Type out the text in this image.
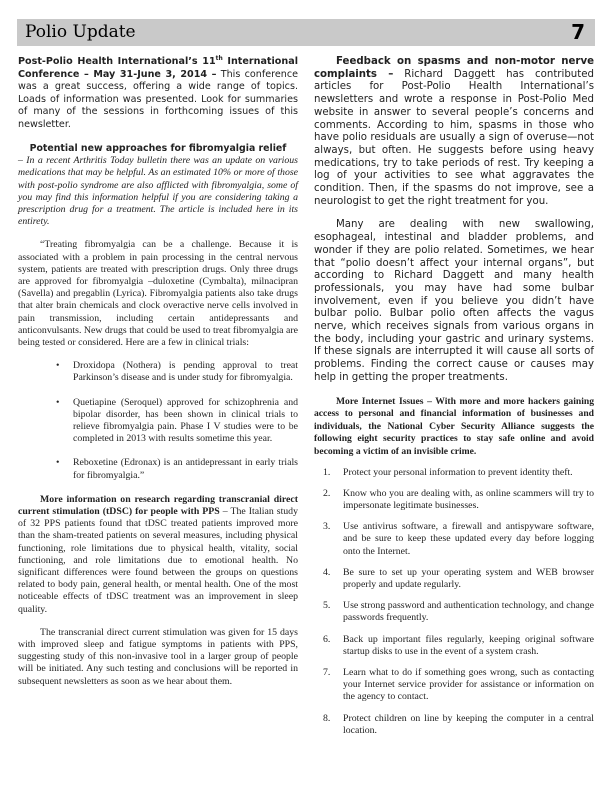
Polio Update	7

Post-Polio Health International’s 11th International Conference – May 31-June 3, 2014 – This conference was a great success, offering a wide range of topics. Loads of information was presented. Look for summaries of many of the sessions in forthcoming issues of this newsletter.

Potential new approaches for fibromyalgia relief

– In a recent Arthritis Today bulletin there was an update on various medications that may be helpful. As an estimated 10% or more of those with post-polio syndrome are also afflicted with fibromyalgia, some of you may find this information helpful if you are considering taking a prescription drug for a treatment. The article is included here in its entirety.

“Treating fibromyalgia can be a challenge. Because it is associated with a problem in pain processing in the central nervous system, patients are treated with prescription drugs. Only three drugs are approved for fibromyalgia –duloxetine (Cymbalta), milnacipran (Savella) and pregablin (Lyrica). Fibromyalgia patients also take drugs that alter brain chemicals and clock overactive nerve cells involved in pain transmission, including certain antidepressants and anticonvulsants. New drugs that could be used to treat fibromyalgia are being tested or considered. Here are a few in clinical trials:

• Droxidopa (Nothera) is pending approval to treat Parkinson’s disease and is under study for fibromyalgia.
• Quetiapine (Seroquel) approved for schizophrenia and bipolar disorder, has been shown in clinical trials to relieve fibromyalgia pain. Phase I V studies were to be completed in 2013 with results sometime this year.
• Reboxetine (Edronax) is an antidepressant in early trials for fibromyalgia.”

More information on research regarding transcranial direct current stimulation (tDSC) for people with PPS – The Italian study of 32 PPS patients found that tDSC treated patients improved more than the sham-treated patients on several measures, including physical functioning, role limitations due to physical health, vitality, social functioning, and role limitations due to emotional health. No significant differences were found between the groups on questions related to body pain, general health, or mental health. One of the most noticeable effects of tDSC treatment was an improvement in sleep quality.

The transcranial direct current stimulation was given for 15 days with improved sleep and fatigue symptoms in patients with PPS, suggesting study of this non-invasive tool in a larger group of people will be initiated. Any such testing and conclusions will be reported in subsequent newsletters as soon as we hear about them.

Feedback on spasms and non-motor nerve complaints – Richard Daggett has contributed articles for Post-Polio Health International’s newsletters and wrote a response in Post-Polio Med website in answer to several people’s concerns and comments. According to him, spasms in those who have polio residuals are usually a sign of overuse—not always, but often. He suggests before using heavy medications, try to take periods of rest. Try keeping a log of your activities to see what aggravates the condition. Then, if the spasms do not improve, see a neurologist to get the right treatment for you.

Many are dealing with new swallowing, esophageal, intestinal and bladder problems, and wonder if they are polio related. Sometimes, we hear that “polio doesn’t affect your internal organs”, but according to Richard Daggett and many health professionals, you may have had some bulbar involvement, even if you believe you didn’t have bulbar polio. Bulbar polio often affects the vagus nerve, which receives signals from various organs in the body, including your gastric and urinary systems. If these signals are interrupted it will cause all sorts of problems. Finding the correct cause or causes may help in getting the proper treatments.

More Internet Issues – With more and more hackers gaining access to personal and financial information of businesses and individuals, the National Cyber Security Alliance suggests the following eight security practices to stay safe online and avoid becoming a victim of an invisible crime.

1. Protect your personal information to prevent identity theft.
2. Know who you are dealing with, as online scammers will try to impersonate legitimate businesses.
3. Use antivirus software, a firewall and antispyware software, and be sure to keep these updated every day before logging onto the Internet.
4. Be sure to set up your operating system and WEB browser properly and update regularly.
5. Use strong password and authentication technology, and change passwords frequently.
6. Back up important files regularly, keeping original software startup disks to use in the event of a system crash.
7. Learn what to do if something goes wrong, such as contacting your Internet service provider for assistance or information on the agency to contact.
8. Protect children on line by keeping the computer in a central location.
